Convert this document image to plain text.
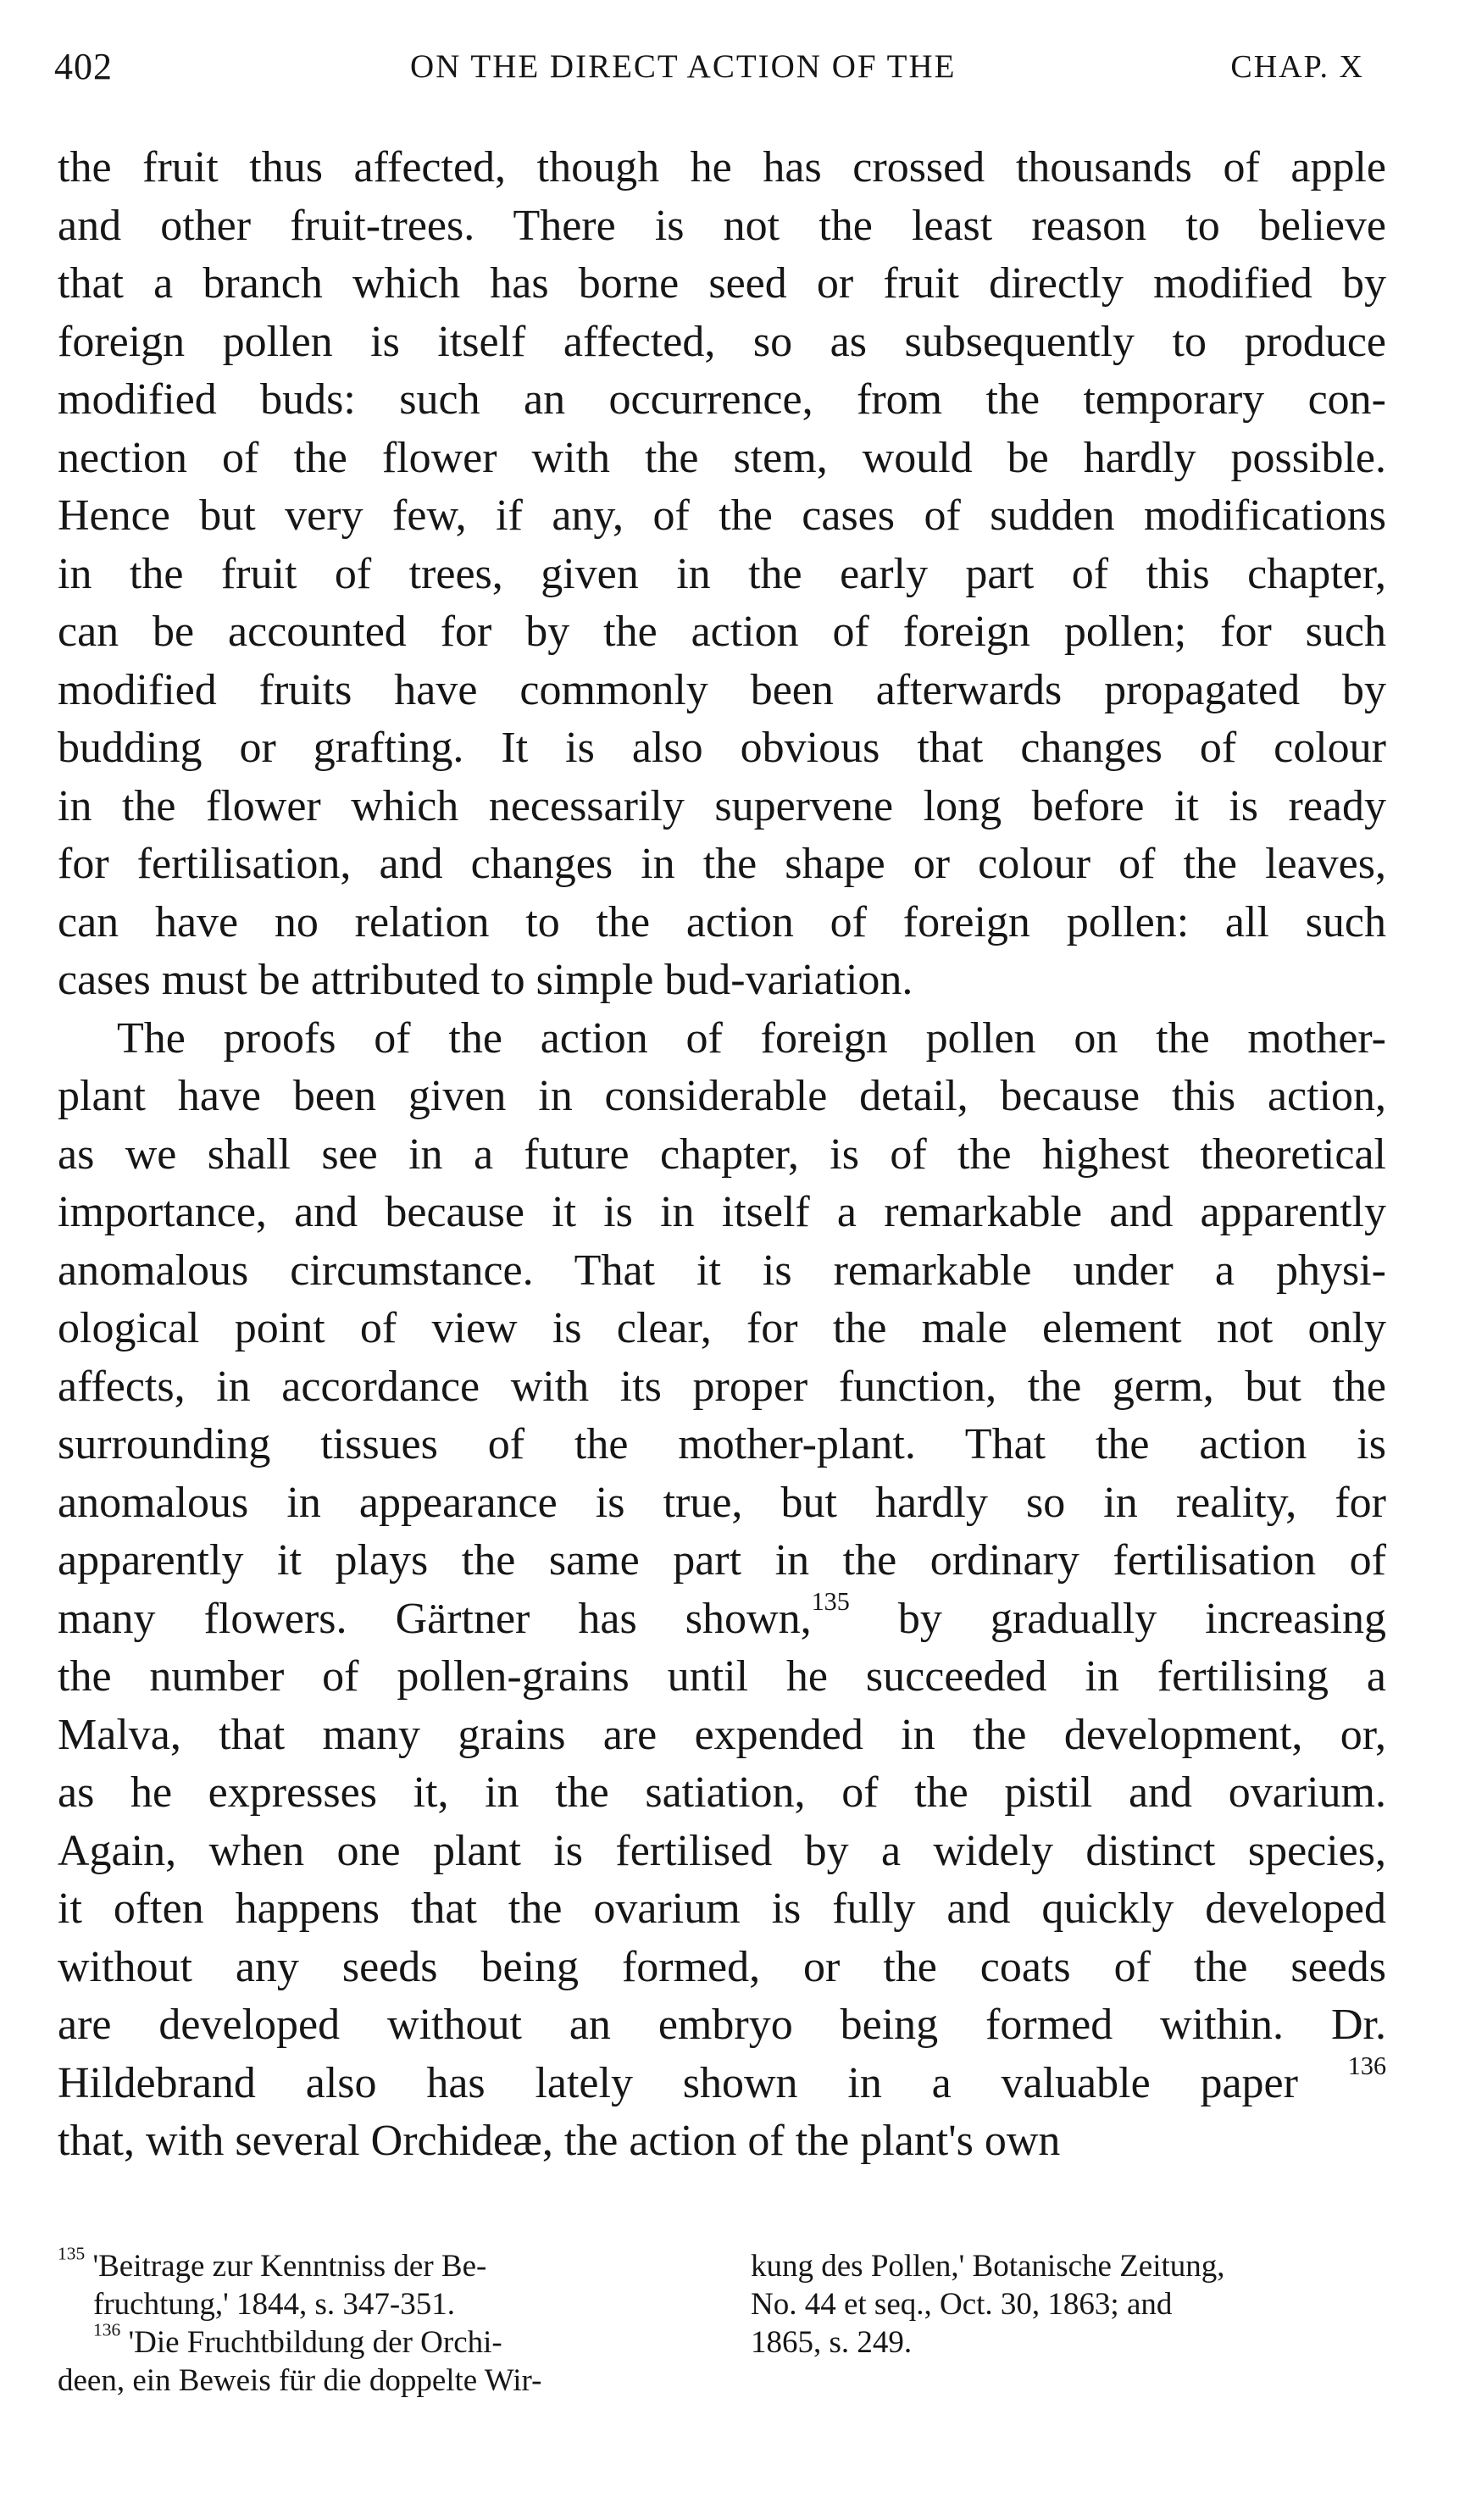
402	ON THE DIRECT ACTION OF THE	CHAP. X
the fruit thus affected, though he has crossed thousands of apple
and other fruit-trees. There is not the least reason to believe
that a branch which has borne seed or fruit directly modified by
foreign pollen is itself affected, so as subsequently to produce
modified buds: such an occurrence, from the temporary con-
nection of the flower with the stem, would be hardly possible.
Hence but very few, if any, of the cases of sudden modifications
in the fruit of trees, given in the early part of this chapter,
can be accounted for by the action of foreign pollen; for such
modified fruits have commonly been afterwards propagated by
budding or grafting. It is also obvious that changes of colour
in the flower which necessarily supervene long before it is ready
for fertilisation, and changes in the shape or colour of the leaves,
can have no relation to the action of foreign pollen: all such
cases must be attributed to simple bud-variation.
The proofs of the action of foreign pollen on the mother-
plant have been given in considerable detail, because this action,
as we shall see in a future chapter, is of the highest theoretical
importance, and because it is in itself a remarkable and apparently
anomalous circumstance. That it is remarkable under a physi-
ological point of view is clear, for the male element not only
affects, in accordance with its proper function, the germ, but the
surrounding tissues of the mother-plant. That the action is
anomalous in appearance is true, but hardly so in reality, for
apparently it plays the same part in the ordinary fertilisation of
many flowers. Gärtner has shown,$^{135}$ by gradually increasing
the number of pollen-grains until he succeeded in fertilising a
Malva, that many grains are expended in the development, or,
as he expresses it, in the satiation, of the pistil and ovarium.
Again, when one plant is fertilised by a widely distinct species,
it often happens that the ovarium is fully and quickly developed
without any seeds being formed, or the coats of the seeds
are developed without an embryo being formed within. Dr.
Hildebrand also has lately shown in a valuable paper $^{136}$
that, with several Orchideæ, the action of the plant's own
$^{135}$ 'Beitrage zur Kenntniss der Be-
fruchtung,' 1844, s. 347-351.
$^{136}$ 'Die Fruchtbildung der Orchi-
deen, ein Beweis für die doppelte Wir-
kung des Pollen,' Botanische Zeitung,
No. 44 et seq., Oct. 30, 1863; and
1865, s. 249.
